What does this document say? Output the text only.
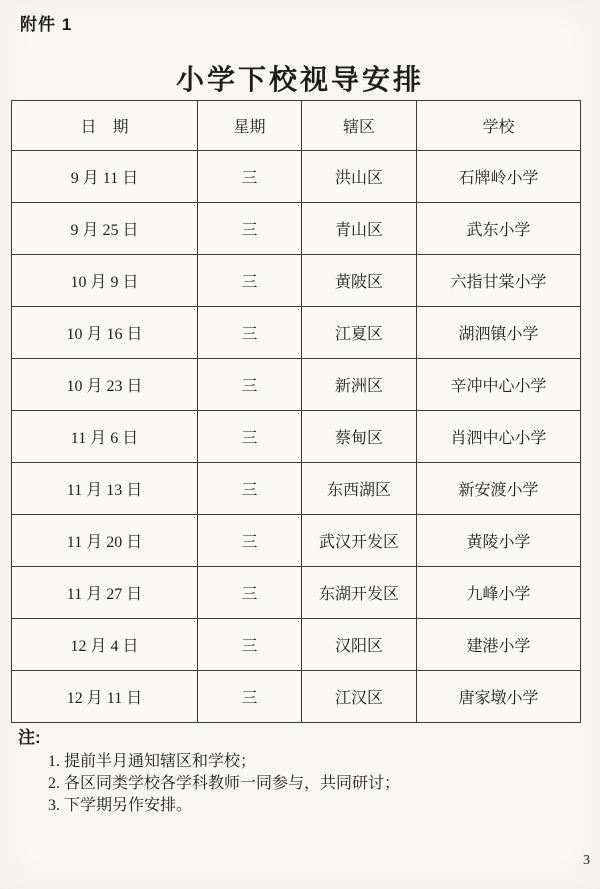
附件 1
小学下校视导安排
日　期	星期	辖区	学校
9 月 11 日	三	洪山区	石牌岭小学
9 月 25 日	三	青山区	武东小学
10 月 9 日	三	黄陂区	六指甘棠小学
10 月 16 日	三	江夏区	湖泗镇小学
10 月 23 日	三	新洲区	辛冲中心小学
11 月 6 日	三	蔡甸区	肖泗中心小学
11 月 13 日	三	东西湖区	新安渡小学
11 月 20 日	三	武汉开发区	黄陵小学
11 月 27 日	三	东湖开发区	九峰小学
12 月 4 日	三	汉阳区	建港小学
12 月 11 日	三	江汉区	唐家墩小学
注:
1. 提前半月通知辖区和学校；
2. 各区同类学校各学科教师一同参与，共同研讨；
3. 下学期另作安排。
3
